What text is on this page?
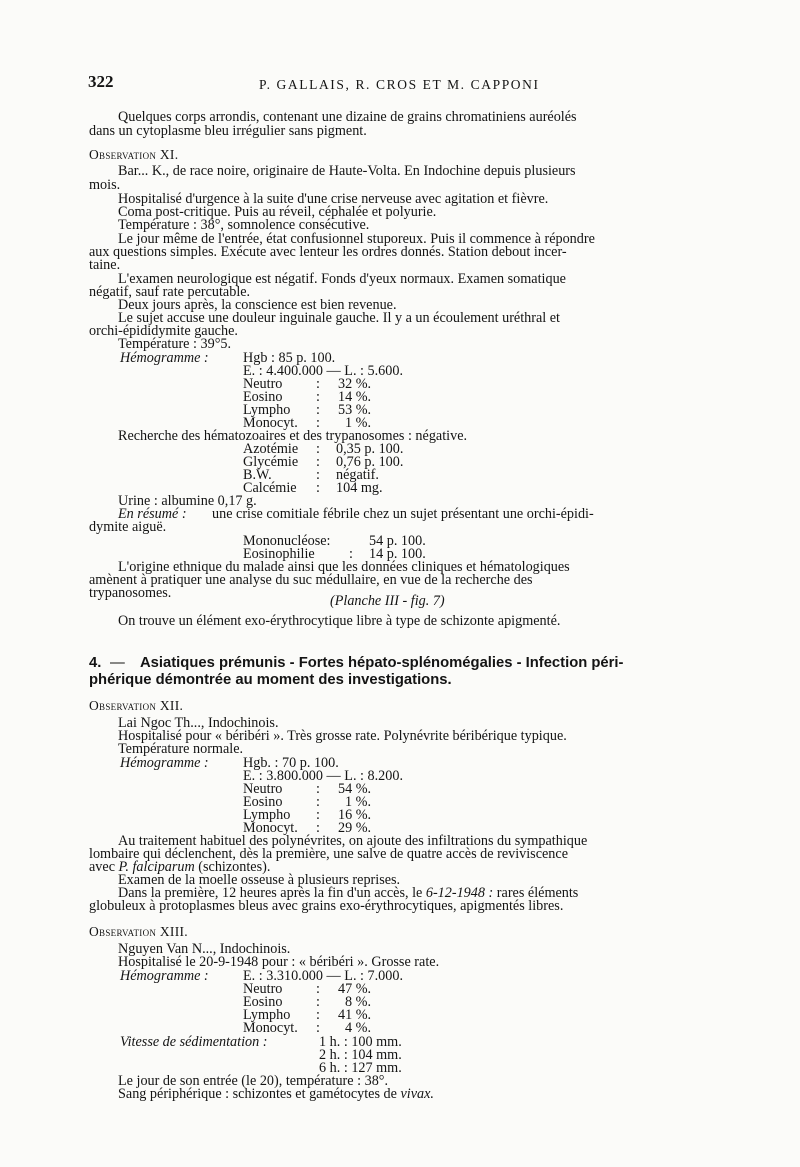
322	P. GALLAIS, R. CROS ET M. CAPPONI
Quelques corps arrondis, contenant une dizaine de grains chromatiniens auréolés
dans un cytoplasme bleu irrégulier sans pigment.
Observation XI.
Bar... K., de race noire, originaire de Haute-Volta. En Indochine depuis plusieurs
mois.
Hospitalisé d'urgence à la suite d'une crise nerveuse avec agitation et fièvre.
Coma post-critique. Puis au réveil, céphalée et polyurie.
Température : 38°, somnolence consécutive.
Le jour même de l'entrée, état confusionnel stuporeux. Puis il commence à répondre
aux questions simples. Exécute avec lenteur les ordres donnés. Station debout incer-
taine.
L'examen neurologique est négatif. Fonds d'yeux normaux. Examen somatique
négatif, sauf rate percutable.
Deux jours après, la conscience est bien revenue.
Le sujet accuse une douleur inguinale gauche. Il y a un écoulement uréthral et
orchi-épididymite gauche.
Température : 39°5.
Hémogramme : Hgb : 85 p. 100.
E. : 4.400.000 — L. : 5.600.
Neutro : 32 %.
Eosino : 14 %.
Lympho : 53 %.
Monocyt. : 1 %.
Recherche des hématozoaires et des trypanosomes : négative.
Azotémie : 0,35 p. 100.
Glycémie : 0,76 p. 100.
B.W.	: négatif.
Calcémie : 104 mg.
Urine : albumine 0,17 g.
En résumé : une crise comitiale fébrile chez un sujet présentant une orchi-épidi-
dymite aiguë.
Mononucléose:	54 p. 100.
Eosinophilie : 14 p. 100.
L'origine ethnique du malade ainsi que les données cliniques et hématologiques
amènent à pratiquer une analyse du suc médullaire, en vue de la recherche des
trypanosomes.	(Planche III - fig. 7)
On trouve un élément exo-érythrocytique libre à type de schizonte apigmenté.
4. — Asiatiques prémunis - Fortes hépato-splénomégalies - Infection péri-
phérique démontrée au moment des investigations.
Observation XII.
Lai Ngoc Th..., Indochinois.
Hospitalisé pour « béribéri ». Très grosse rate. Polynévrite béribérique typique.
Température normale.
Hémogramme : Hgb. : 70 p. 100.
E. : 3.800.000 — L. : 8.200.
Neutro : 54 %.
Eosino : 1 %.
Lympho : 16 %.
Monocyt. : 29 %.
Au traitement habituel des polynévrites, on ajoute des infiltrations du sympathique
lombaire qui déclenchent, dès la première, une salve de quatre accès de reviviscence
avec P. falciparum (schizontes).
Examen de la moelle osseuse à plusieurs reprises.
Dans la première, 12 heures après la fin d'un accès, le 6-12-1948 : rares éléments
globuleux à protoplasmes bleus avec grains exo-érythrocytiques, apigmentés libres.
Observation XIII.
Nguyen Van N..., Indochinois.
Hospitalisé le 20-9-1948 pour : « béribéri ». Grosse rate.
Hémogramme : E. : 3.310.000 — L. : 7.000.
Neutro : 47 %.
Eosino : 8 %.
Lympho : 41 %.
Monocyt. : 4 %.
Vitesse de sédimentation :	1 h. : 100 mm.
2 h. : 104 mm.
6 h. : 127 mm.
Le jour de son entrée (le 20), température : 38°.
Sang périphérique : schizontes et gamétocytes de vivax.
